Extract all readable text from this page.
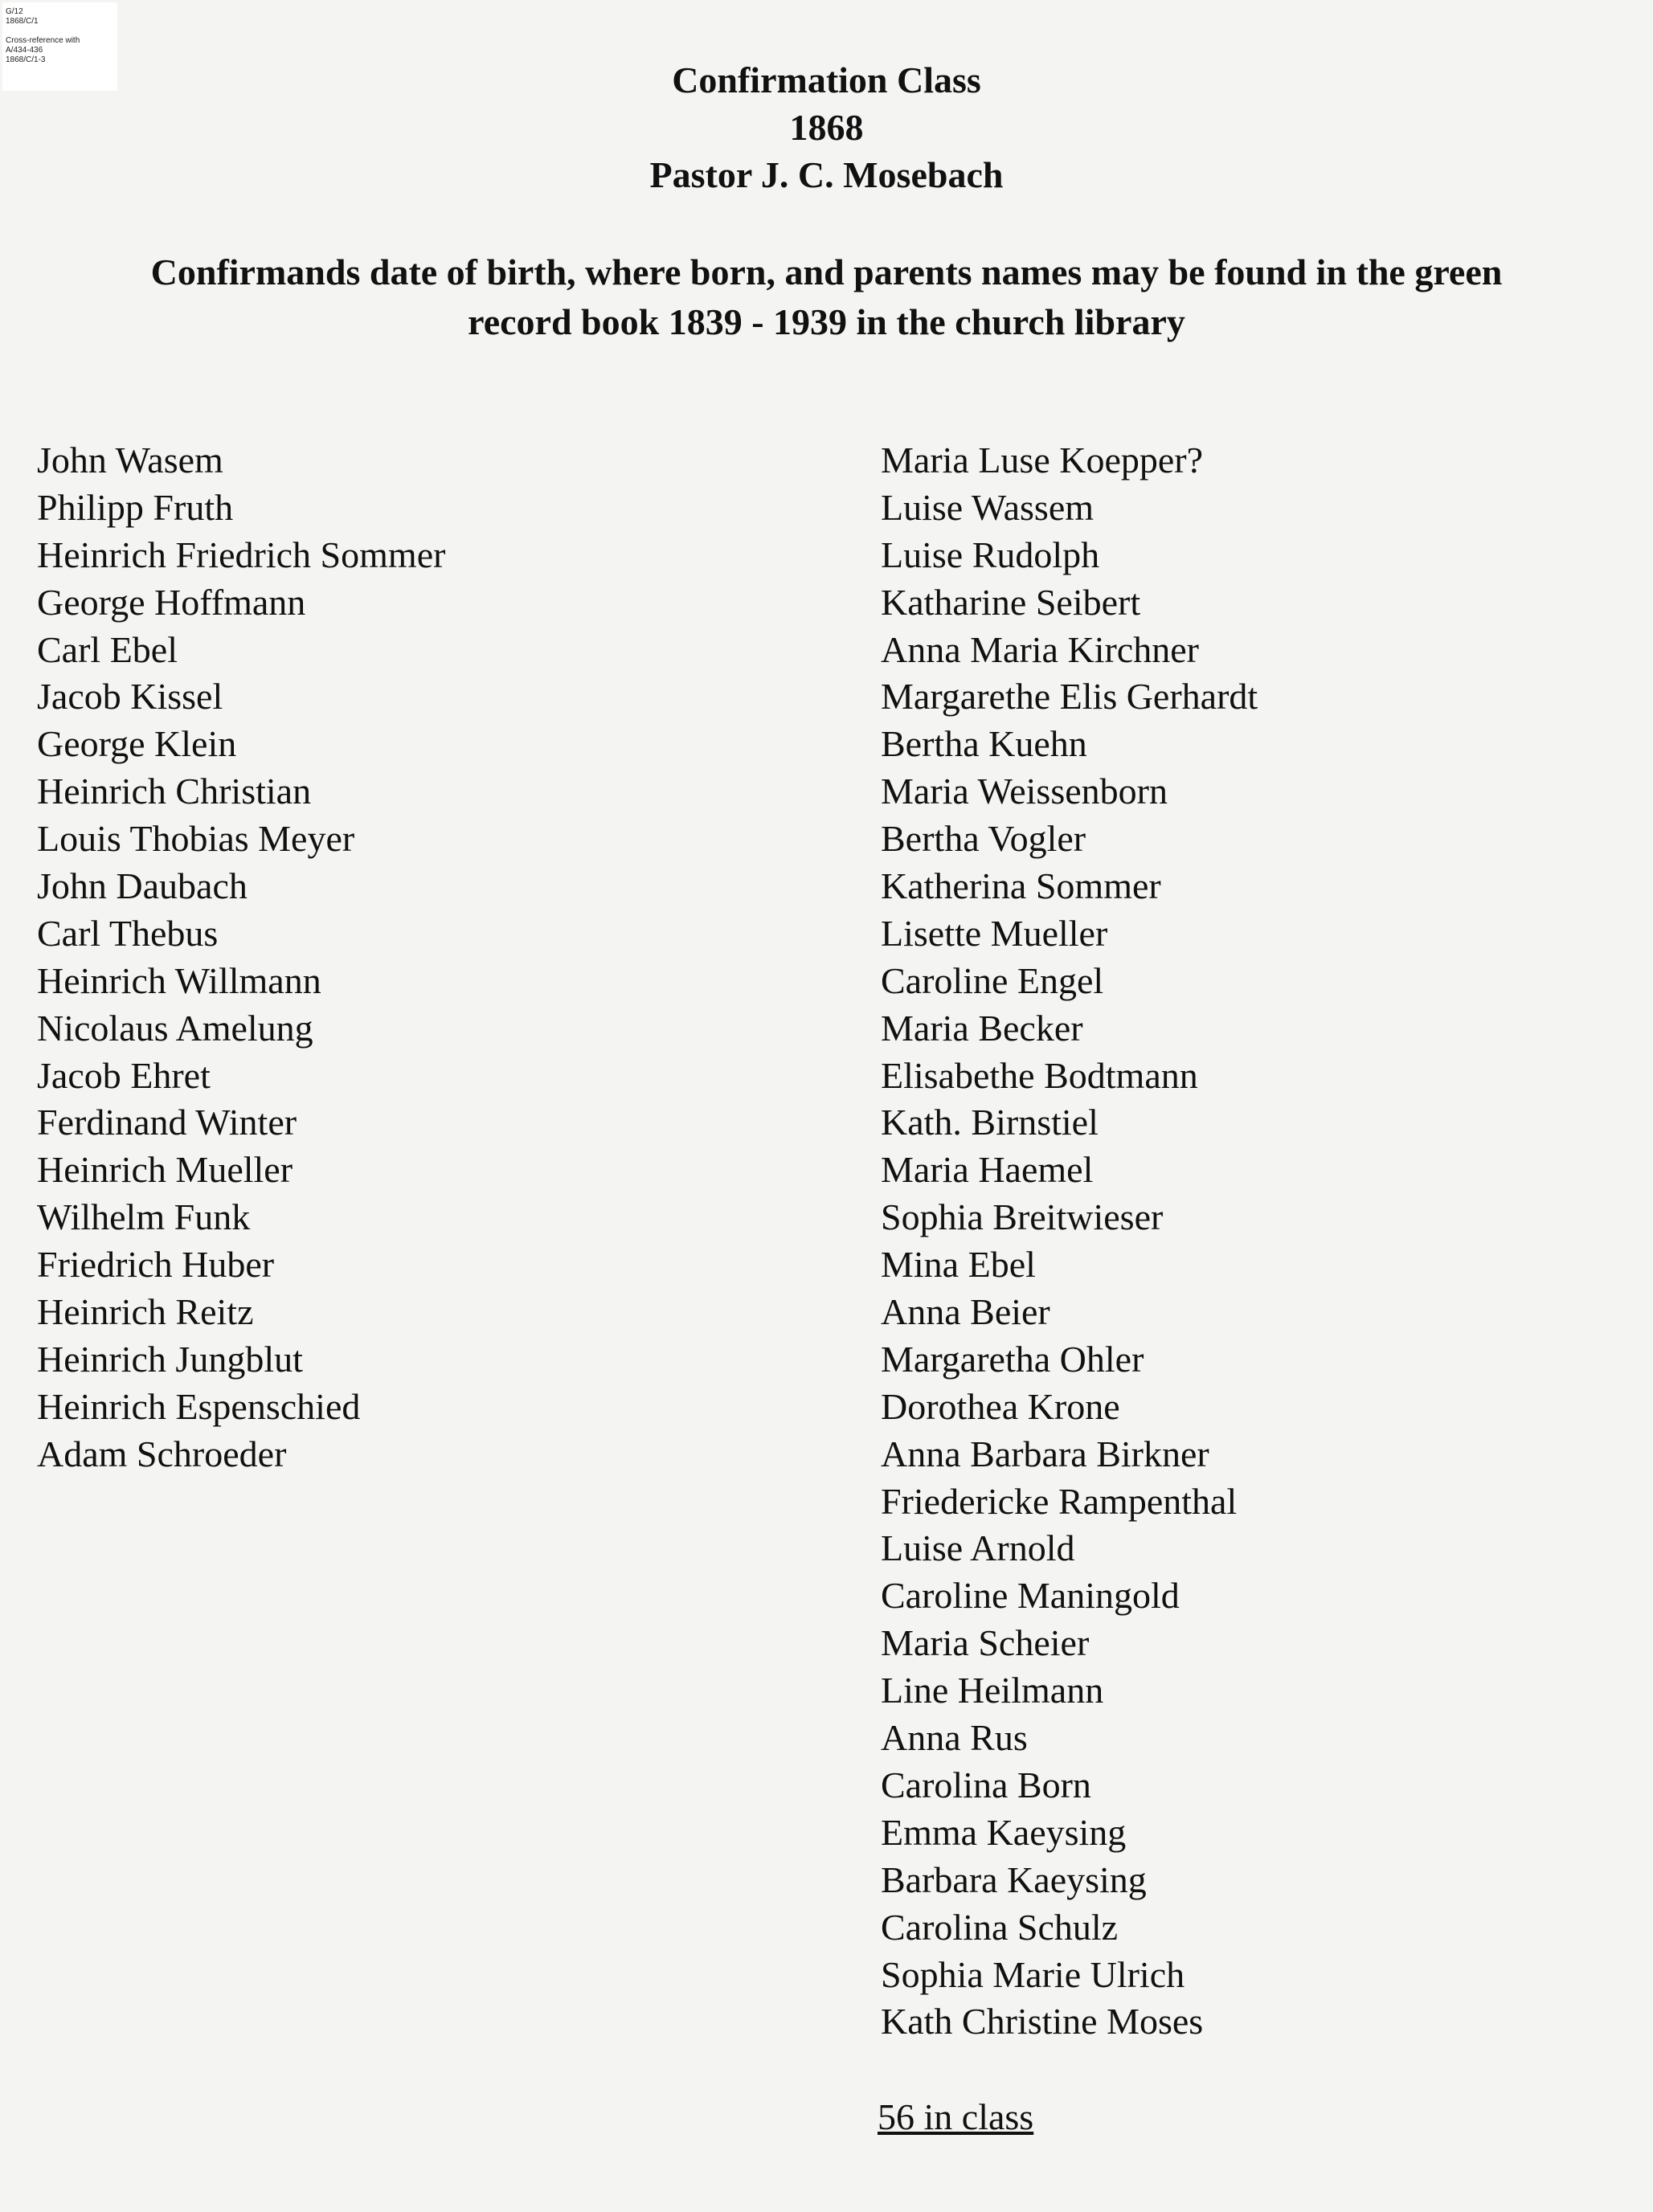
G/12
1868/C/1
Cross-reference with
A/434-436
1868/C/1-3	Confirmation Class
1868
Pastor J. C. Mosebach
Confirmands date of birth, where born, and parents names may be found in the green
record book 1839 - 1939 in the church library
John Wasem
Philipp Fruth
Heinrich Friedrich Sommer
George Hoffmann
Carl Ebel
Jacob Kissel
George Klein
Heinrich Christian
Louis Thobias Meyer
John Daubach
Carl Thebus
Heinrich Willmann
Nicolaus Amelung
Jacob Ehret
Ferdinand Winter
Heinrich Mueller
Wilhelm Funk
Friedrich Huber
Heinrich Reitz
Heinrich Jungblut
Heinrich Espenschied
Adam Schroeder
Maria Luse Koepper?
Luise Wassem
Luise Rudolph
Katharine Seibert
Anna Maria Kirchner
Margarethe Elis Gerhardt
Bertha Kuehn
Maria Weissenborn
Bertha Vogler
Katherina Sommer
Lisette Mueller
Caroline Engel
Maria Becker
Elisabethe Bodtmann
Kath. Birnstiel
Maria Haemel
Sophia Breitwieser
Mina Ebel
Anna Beier
Margaretha Ohler
Dorothea Krone
Anna Barbara Birkner
Friedericke Rampenthal
Luise Arnold
Caroline Maningold
Maria Scheier
Line Heilmann
Anna Rus
Carolina Born
Emma Kaeysing
Barbara Kaeysing
Carolina Schulz
Sophia Marie Ulrich
Kath Christine Moses
56 in class
